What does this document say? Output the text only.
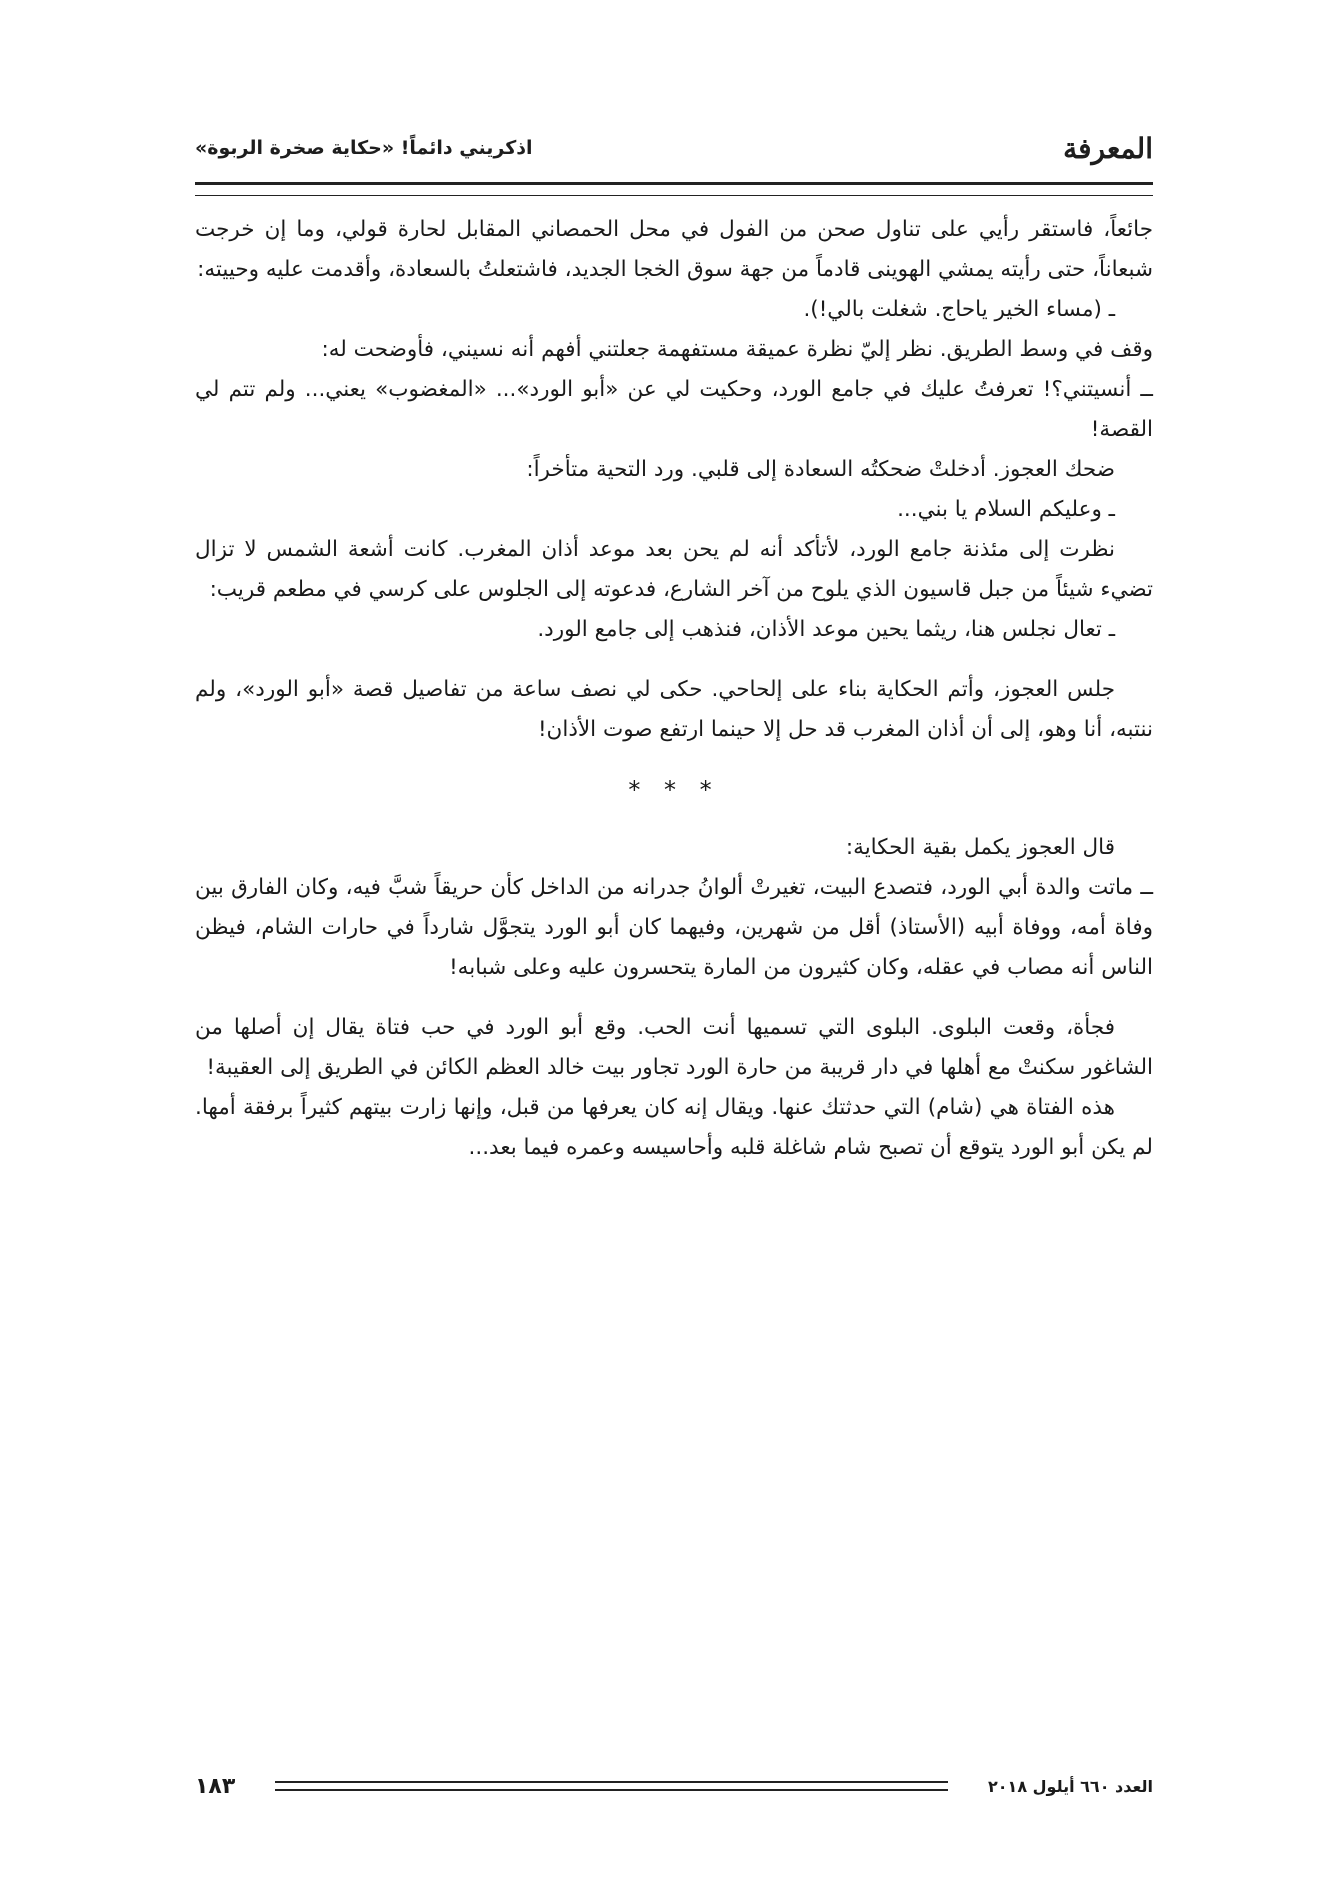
المعرفة
اذكريني دائماً! «حكاية صخرة الربوة»

جائعاً، فاستقر رأيي على تناول صحن من الفول في محل الحمصاني المقابل لحارة قولي، وما إن خرجت شبعاناً، حتى رأيته يمشي الهوينى قادماً من جهة سوق الخجا الجديد، فاشتعلتُ بالسعادة، وأقدمت عليه وحييته:

ـ (مساء الخير ياحاج. شغلت بالي!).

وقف في وسط الطريق. نظر إليّ نظرة عميقة مستفهمة جعلتني أفهم أنه نسيني، فأوضحت له:

ــ أنسيتني؟! تعرفتُ عليك في جامع الورد، وحكيت لي عن «أبو الورد»... «المغضوب» يعني... ولم تتم لي القصة!

ضحك العجوز. أدخلتْ ضحكتُه السعادة إلى قلبي. ورد التحية متأخراً:

ـ وعليكم السلام يا بني...

نظرت إلى مئذنة جامع الورد، لأتأكد أنه لم يحن بعد موعد أذان المغرب. كانت أشعة الشمس لا تزال تضيء شيئاً من جبل قاسيون الذي يلوح من آخر الشارع، فدعوته إلى الجلوس على كرسي في مطعم قريب:

ـ تعال نجلس هنا، ريثما يحين موعد الأذان، فنذهب إلى جامع الورد.

جلس العجوز، وأتم الحكاية بناء على إلحاحي. حكى لي نصف ساعة من تفاصيل قصة «أبو الورد»، ولم ننتبه، أنا وهو، إلى أن أذان المغرب قد حل إلا حينما ارتفع صوت الأذان!

* * *

قال العجوز يكمل بقية الحكاية:

ــ ماتت والدة أبي الورد، فتصدع البيت، تغيرتْ ألوانُ جدرانه من الداخل كأن حريقاً شبَّ فيه، وكان الفارق بين وفاة أمه، ووفاة أبيه (الأستاذ) أقل من شهرين، وفيهما كان أبو الورد يتجوَّل شارداً في حارات الشام، فيظن الناس أنه مصاب في عقله، وكان كثيرون من المارة يتحسرون عليه وعلى شبابه!

فجأة، وقعت البلوى. البلوى التي تسميها أنت الحب. وقع أبو الورد في حب فتاة يقال إن أصلها من الشاغور سكنتْ مع أهلها في دار قريبة من حارة الورد تجاور بيت خالد العظم الكائن في الطريق إلى العقيبة!

هذه الفتاة هي (شام) التي حدثتك عنها. ويقال إنه كان يعرفها من قبل، وإنها زارت بيتهم كثيراً برفقة أمها. لم يكن أبو الورد يتوقع أن تصبح شام شاغلة قلبه وأحاسيسه وعمره فيما بعد...

العدد ٦٦٠ أيلول ٢٠١٨
١٨٣
